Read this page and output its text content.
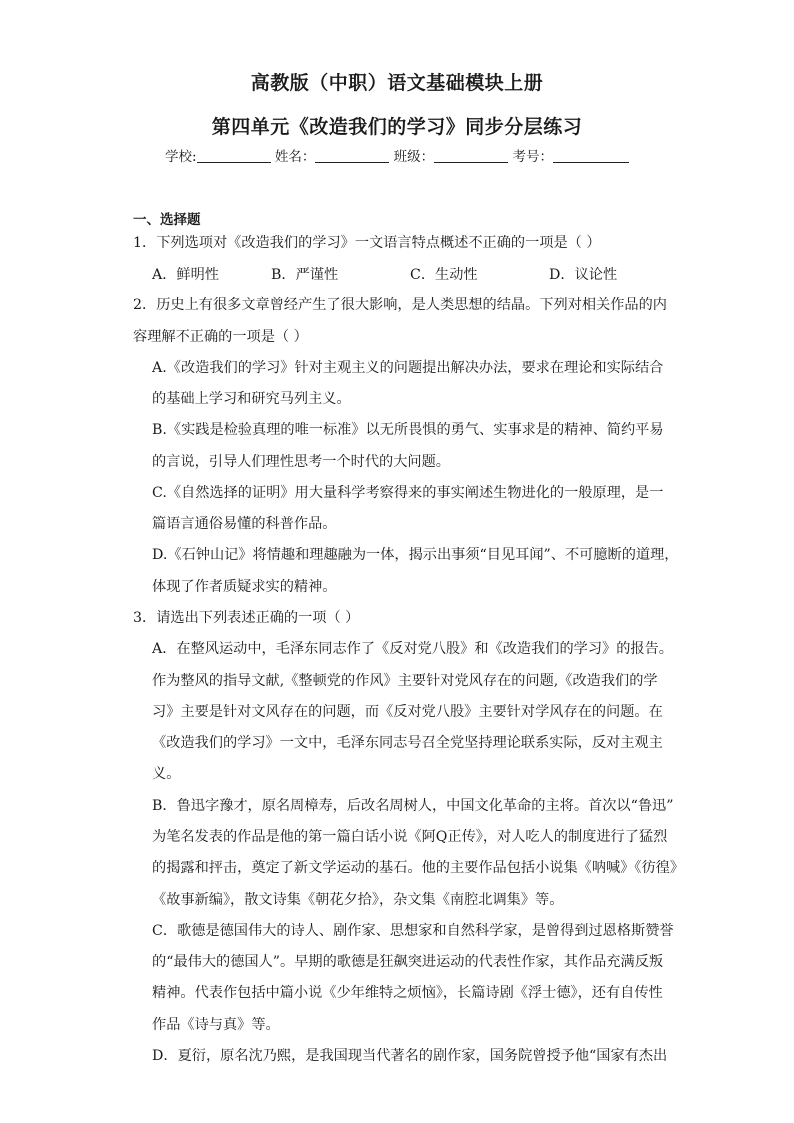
高教版（中职）语文基础模块上册
第四单元《改造我们的学习》同步分层练习
学校:	姓名：	班级：	考号：
一、选择题
1．下列选项对《改造我们的学习》一文语言特点概述不正确的一项是（ ）
A．鲜明性	B．严谨性	C．生动性	D．议论性
2．历史上有很多文章曾经产生了很大影响，是人类思想的结晶。下列对相关作品的内
容理解不正确的一项是（ ）
A.《改造我们的学习》针对主观主义的问题提出解决办法，要求在理论和实际结合
的基础上学习和研究马列主义。
B.《实践是检验真理的唯一标准》以无所畏惧的勇气、实事求是的精神、简约平易
的言说，引导人们理性思考一个时代的大问题。
C.《自然选择的证明》用大量科学考察得来的事实阐述生物进化的一般原理，是一
篇语言通俗易懂的科普作品。
D.《石钟山记》将情趣和理趣融为一体，揭示出事须“目见耳闻”、不可臆断的道理，
体现了作者质疑求实的精神。
3．请选出下列表述正确的一项（ ）
A．在整风运动中，毛泽东同志作了《反对党八股》和《改造我们的学习》的报告。
作为整风的指导文献,《整顿党的作风》主要针对党风存在的问题,《改造我们的学
习》主要是针对文风存在的问题，而《反对党八股》主要针对学风存在的问题。在
《改造我们的学习》一文中，毛泽东同志号召全党坚持理论联系实际，反对主观主
义。
B．鲁迅字豫才，原名周樟寿，后改名周树人，中国文化革命的主将。首次以“鲁迅”
为笔名发表的作品是他的第一篇白话小说《阿Q正传》，对人吃人的制度进行了猛烈
的揭露和抨击，奠定了新文学运动的基石。他的主要作品包括小说集《呐喊》《彷徨》
《故事新编》，散文诗集《朝花夕拾》，杂文集《南腔北调集》等。
C．歌德是德国伟大的诗人、剧作家、思想家和自然科学家，是曾得到过恩格斯赞誉
的“最伟大的德国人”。早期的歌德是狂飙突进运动的代表性作家，其作品充满反叛
精神。代表作包括中篇小说《少年维特之烦恼》，长篇诗剧《浮士德》，还有自传性
作品《诗与真》等。
D．夏衍，原名沈乃熙，是我国现当代著名的剧作家，国务院曾授予他“国家有杰出
